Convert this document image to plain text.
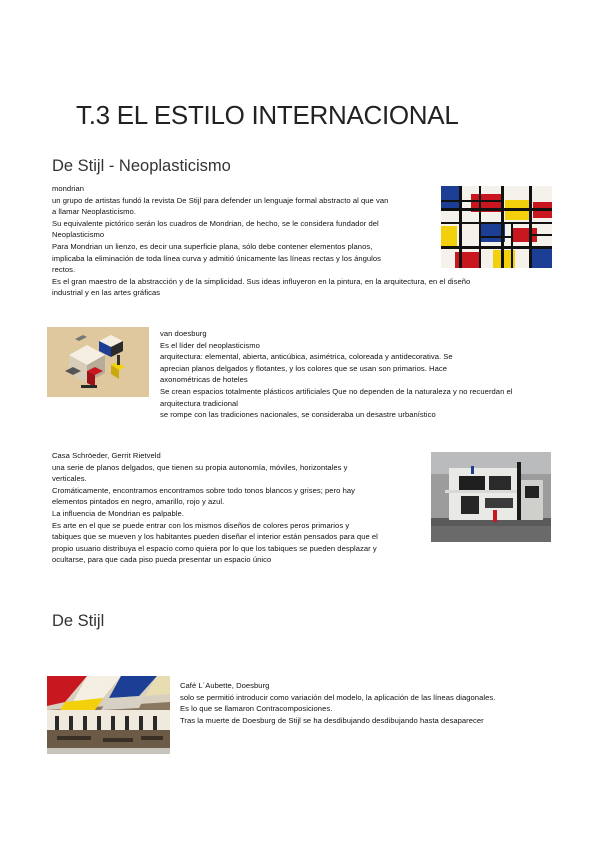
T.3 EL ESTILO INTERNACIONAL
De Stijl - Neoplasticismo
mondrian
un grupo de artistas fundó la revista De Stijl para defender un lenguaje formal abstracto al que van
a llamar Neoplasticismo.
Su equivalente pictórico serán los cuadros de Mondrian, de hecho, se le considera fundador del
Neoplasticismo
Para Mondrian un lienzo, es decir una superficie plana, sólo debe contener elementos planos,
implicaba la eliminación de toda línea curva y admitió únicamente las líneas rectas y los ángulos
rectos.
Es el gran maestro de la abstracción y de la simplicidad. Sus ideas influyeron en la pintura, en la arquitectura, en el diseño
industrial y en las artes gráficas
van doesburg
Es el líder del neoplasticismo
arquitectura: elemental, abierta, anticúbica, asimétrica, coloreada y antidecorativa. Se
aprecian planos delgados y flotantes, y los colores que se usan son primarios. Hace
axonométricas de hoteles
Se crean espacios totalmente plásticos artificiales Que no dependen de la naturaleza y no recuerdan el
arquitectura tradicional
se rompe con las tradiciones nacionales, se consideraba un desastre urbanístico
Casa Schröeder, Gerrit Rietveld
una serie de planos delgados, que tienen su propia autonomía, móviles, horizontales y
verticales.
Cromáticamente, encontramos encontramos sobre todo tonos blancos y grises; pero hay
elementos pintados en negro, amarillo, rojo y azul.
La influencia de Mondrian es palpable.
Es arte en el que se puede entrar con los mismos diseños de colores peros primarios y
tabiques que se mueven y los habitantes pueden diseñar el interior están pensados para que el
propio usuario distribuya el espacio como quiera por lo que los tabiques se pueden desplazar y
ocultarse, para que cada piso pueda presentar un espacio único
De Stijl
Café L´Aubette, Doesburg
solo se permitió introducir como variación del modelo, la aplicación de las líneas diagonales.
Es lo que se llamaron Contracomposiciones.
Tras la muerte de Doesburg de Stijl se ha desdibujando desdibujando hasta desaparecer
